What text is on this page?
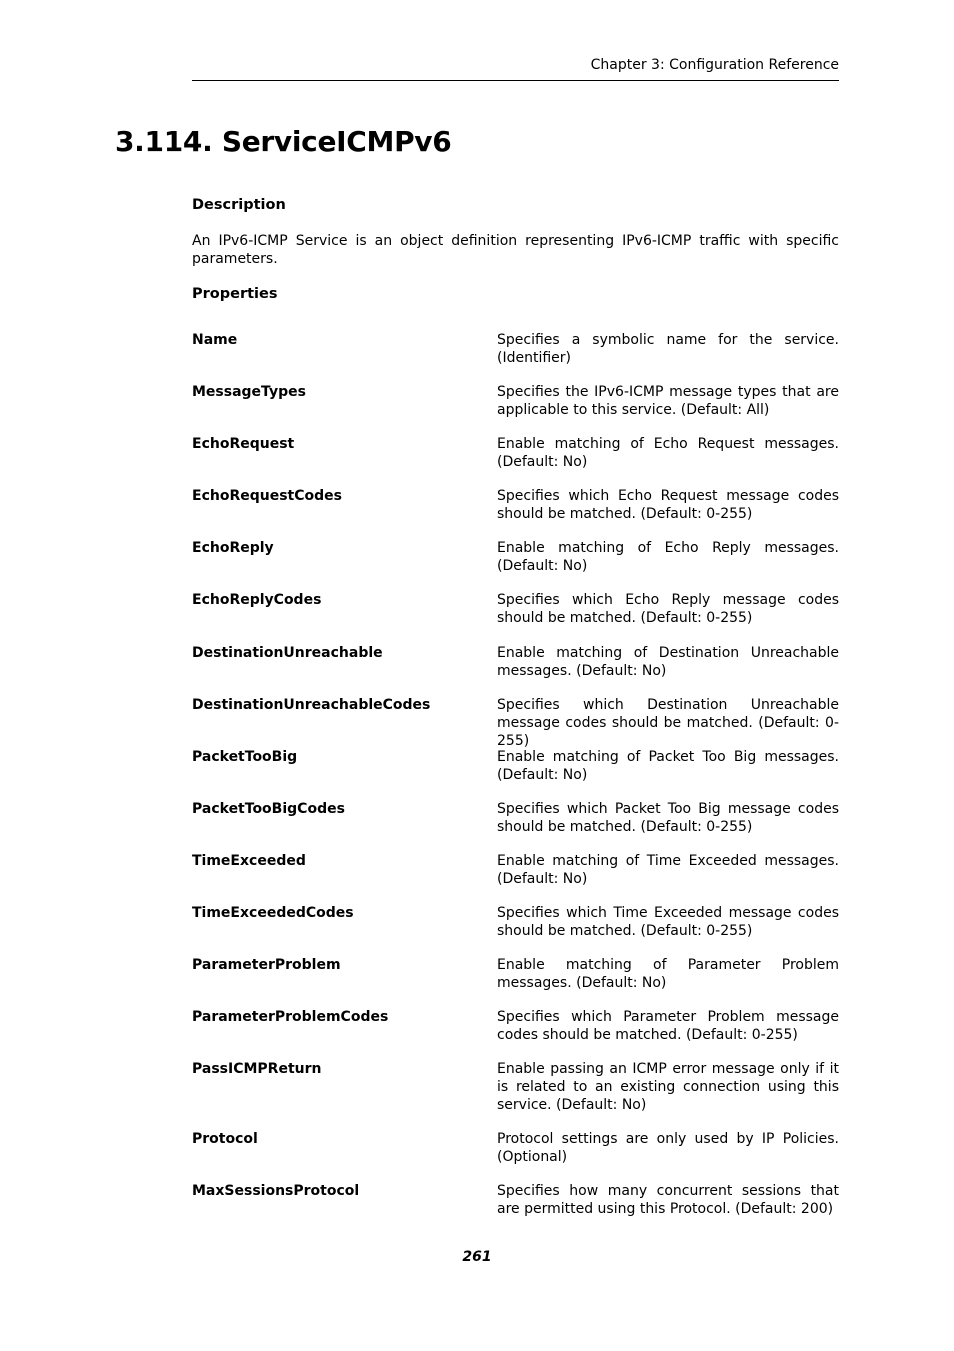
Chapter 3: Configuration Reference
3.114. ServiceICMPv6
Description

An IPv6-ICMP Service is an object definition representing IPv6-ICMP traffic with specific parameters.

Properties
Name	Specifies a symbolic name for the service. (Identifier)
MessageTypes	Specifies the IPv6-ICMP message types that are applicable to this service. (Default: All)
EchoRequest	Enable matching of Echo Request messages. (Default: No)
EchoRequestCodes	Specifies which Echo Request message codes should be matched. (Default: 0-255)
EchoReply	Enable matching of Echo Reply messages. (Default: No)
EchoReplyCodes	Specifies which Echo Reply message codes should be matched. (Default: 0-255)
DestinationUnreachable	Enable matching of Destination Unreachable messages. (Default: No)
DestinationUnreachableCodes	Specifies which Destination Unreachable message codes should be matched. (Default: 0-255)
PacketTooBig	Enable matching of Packet Too Big messages. (Default: No)
PacketTooBigCodes	Specifies which Packet Too Big message codes should be matched. (Default: 0-255)
TimeExceeded	Enable matching of Time Exceeded messages. (Default: No)
TimeExceededCodes	Specifies which Time Exceeded message codes should be matched. (Default: 0-255)
ParameterProblem	Enable matching of Parameter Problem messages. (Default: No)
ParameterProblemCodes	Specifies which Parameter Problem message codes should be matched. (Default: 0-255)
PassICMPReturn	Enable passing an ICMP error message only if it is related to an existing connection using this service. (Default: No)
Protocol	Protocol settings are only used by IP Policies. (Optional)
MaxSessionsProtocol	Specifies how many concurrent sessions that are permitted using this Protocol. (Default: 200)
261
